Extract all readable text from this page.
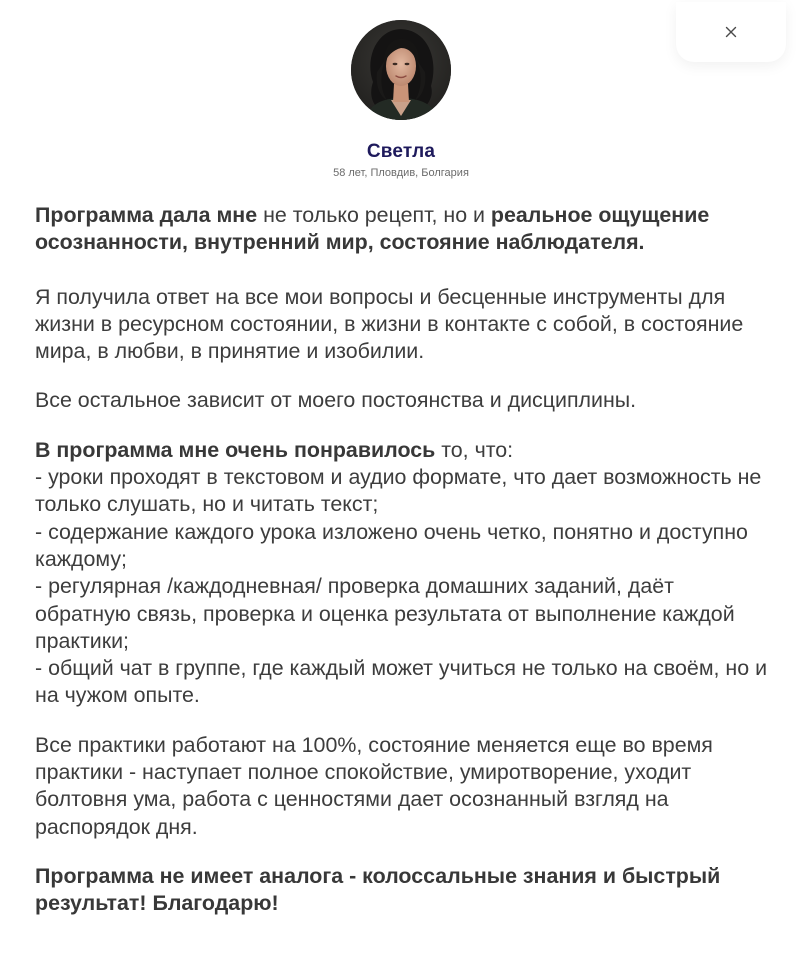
Светла
58 лет, Пловдив, Болгария

Программа дала мне не только рецепт, но и реальное ощущение осознанности, внутренний мир, состояние наблюдателя.

Я получила ответ на все мои вопросы и бесценные инструменты для жизни в ресурсном состоянии, в жизни в контакте с собой, в состояние мира, в любви, в принятие и изобилии.

Все остальное зависит от моего постоянства и дисциплины.

В программа мне очень понравилось то, что:
- уроки проходят в текстовом и аудио формате, что дает возможность не только слушать, но и читать текст;
- содержание каждого урока изложено очень четко, понятно и доступно каждому;
- регулярная /каждодневная/ проверка домашних заданий, даёт обратную связь, проверка и оценка результата от выполнение каждой практики;
- общий чат в группе, где каждый может учиться не только на своём, но и на чужом опыте.

Все практики работают на 100%, состояние меняется еще во время практики - наступает полное спокойствие, умиротворение, уходит болтовня ума, работа с ценностями дает осознанный взгляд на распорядок дня.

Программа не имеет аналога - колоссальные знания и быстрый результат! Благодарю!
